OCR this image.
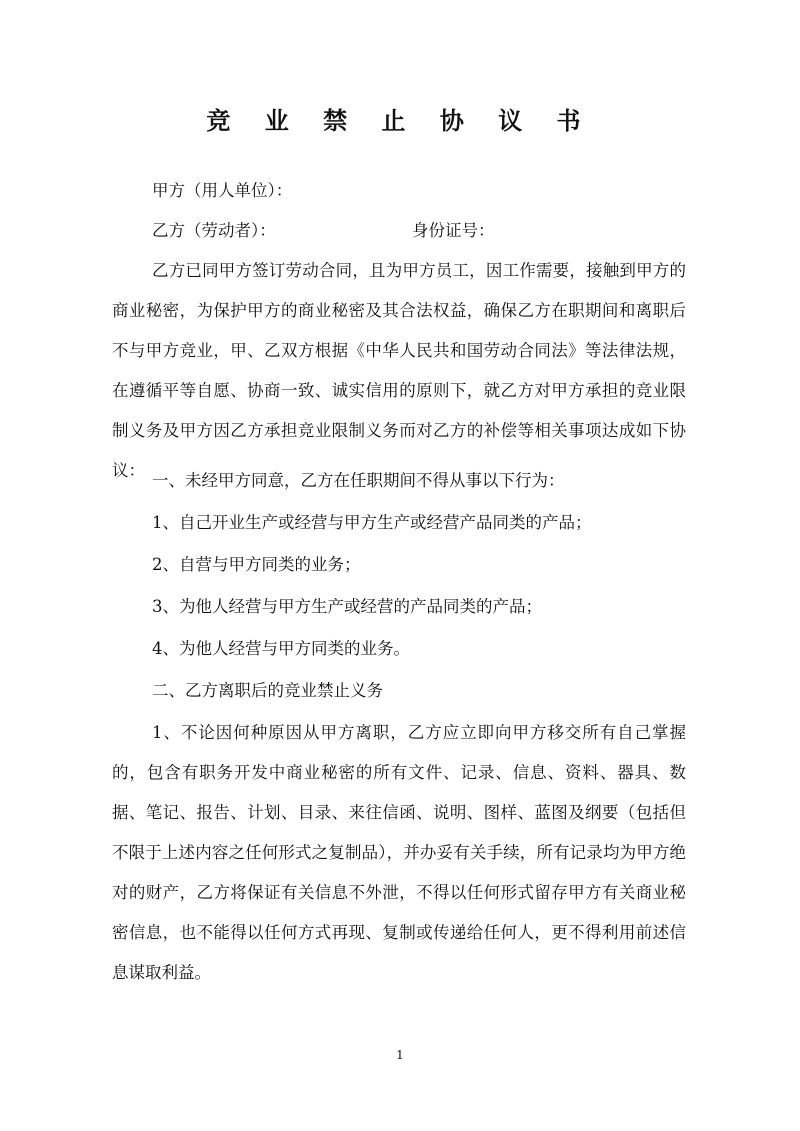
竞 业 禁 止 协 议 书
甲方（用人单位）：
乙方（劳动者）：	身份证号：

乙方已同甲方签订劳动合同，且为甲方员工，因工作需要，接触到甲方的商业秘密，为保护甲方的商业秘密及其合法权益，确保乙方在职期间和离职后不与甲方竞业，甲、乙双方根据《中华人民共和国劳动合同法》等法律法规，在遵循平等自愿、协商一致、诚实信用的原则下，就乙方对甲方承担的竞业限制义务及甲方因乙方承担竞业限制义务而对乙方的补偿等相关事项达成如下协议：

一、未经甲方同意，乙方在任职期间不得从事以下行为：
1、自己开业生产或经营与甲方生产或经营产品同类的产品；
2、自营与甲方同类的业务；
3、为他人经营与甲方生产或经营的产品同类的产品；
4、为他人经营与甲方同类的业务。
二、乙方离职后的竞业禁止义务

1、不论因何种原因从甲方离职，乙方应立即向甲方移交所有自己掌握的，包含有职务开发中商业秘密的所有文件、记录、信息、资料、器具、数据、笔记、报告、计划、目录、来往信函、说明、图样、蓝图及纲要（包括但不限于上述内容之任何形式之复制品），并办妥有关手续，所有记录均为甲方绝对的财产，乙方将保证有关信息不外泄，不得以任何形式留存甲方有关商业秘密信息，也不能得以任何方式再现、复制或传递给任何人，更不得利用前述信息谋取利益。

1
